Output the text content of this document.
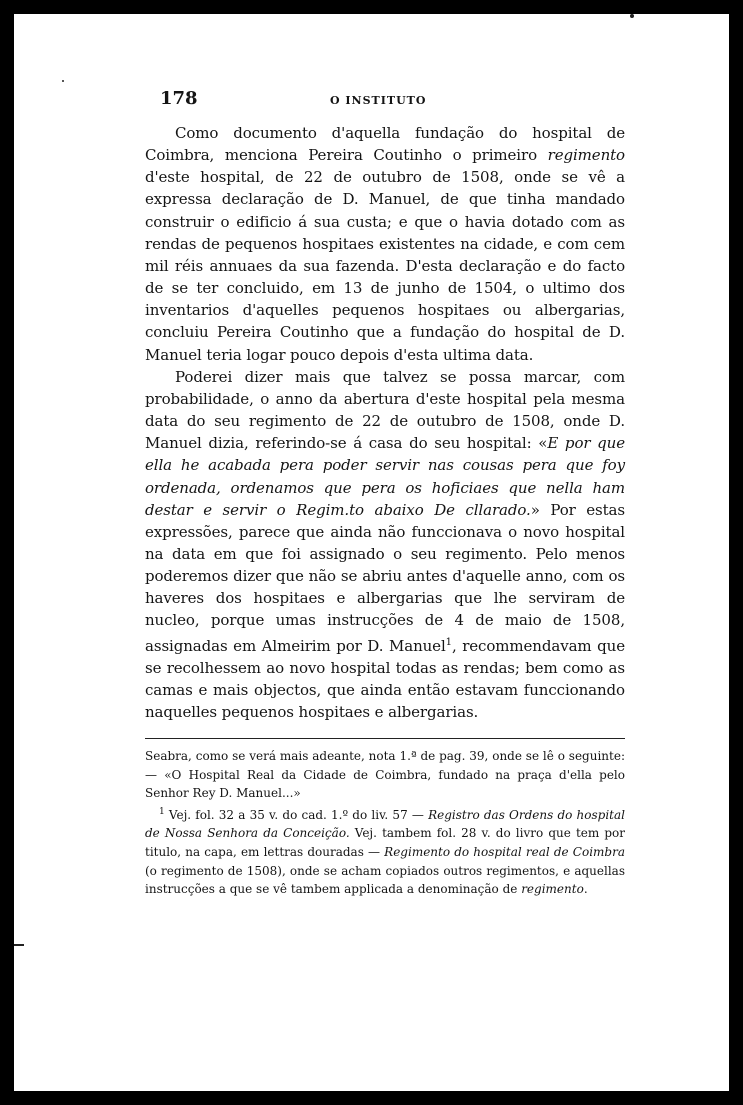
178	O INSTITUTO

Como documento d'aquella fundação do hospital de Coimbra, menciona Pereira Coutinho o primeiro regimento d'este hospital, de 22 de outubro de 1508, onde se vê a expressa declaração de D. Manuel, de que tinha mandado construir o edificio á sua custa; e que o havia dotado com as rendas de pequenos hospitaes existentes na cidade, e com cem mil réis annuaes da sua fazenda. D'esta declaração e do facto de se ter concluido, em 13 de junho de 1504, o ultimo dos inventarios d'aquelles pequenos hospitaes ou albergarias, concluiu Pereira Coutinho que a fundação do hospital de D. Manuel teria logar pouco depois d'esta ultima data.

Poderei dizer mais que talvez se possa marcar, com probabilidade, o anno da abertura d'este hospital pela mesma data do seu regimento de 22 de outubro de 1508, onde D. Manuel dizia, referindo-se á casa do seu hospital: «E por que ella he acabada pera poder servir nas cousas pera que foy ordenada, ordenamos que pera os hoficiaes que nella ham destar e servir o Regim.to abaixo De cllarado.» Por estas expressões, parece que ainda não funccionava o novo hospital na data em que foi assignado o seu regimento. Pelo menos poderemos dizer que não se abriu antes d'aquelle anno, com os haveres dos hospitaes e albergarias que lhe serviram de nucleo, porque umas instrucções de 4 de maio de 1508, assignadas em Almeirim por D. Manuel$^1$, recommendavam que se recolhessem ao novo hospital todas as rendas; bem como as camas e mais objectos, que ainda então estavam funccionando naquelles pequenos hospitaes e albergarias.

Seabra, como se verá mais adeante, nota 1.ª de pag. 39, onde se lê o seguinte: — «O Hospital Real da Cidade de Coimbra, fundado na praça d'ella pelo Senhor Rey D. Manuel...»

$^1$ Vej. fol. 32 a 35 v. do cad. 1.º do liv. 57 — Registro das Ordens do hospital de Nossa Senhora da Conceição. Vej. tambem fol. 28 v. do livro que tem por titulo, na capa, em lettras douradas — Regimento do hospital real de Coimbra (o regimento de 1508), onde se acham copiados outros regimentos, e aquellas instrucções a que se vê tambem applicada a denominação de regimento.
